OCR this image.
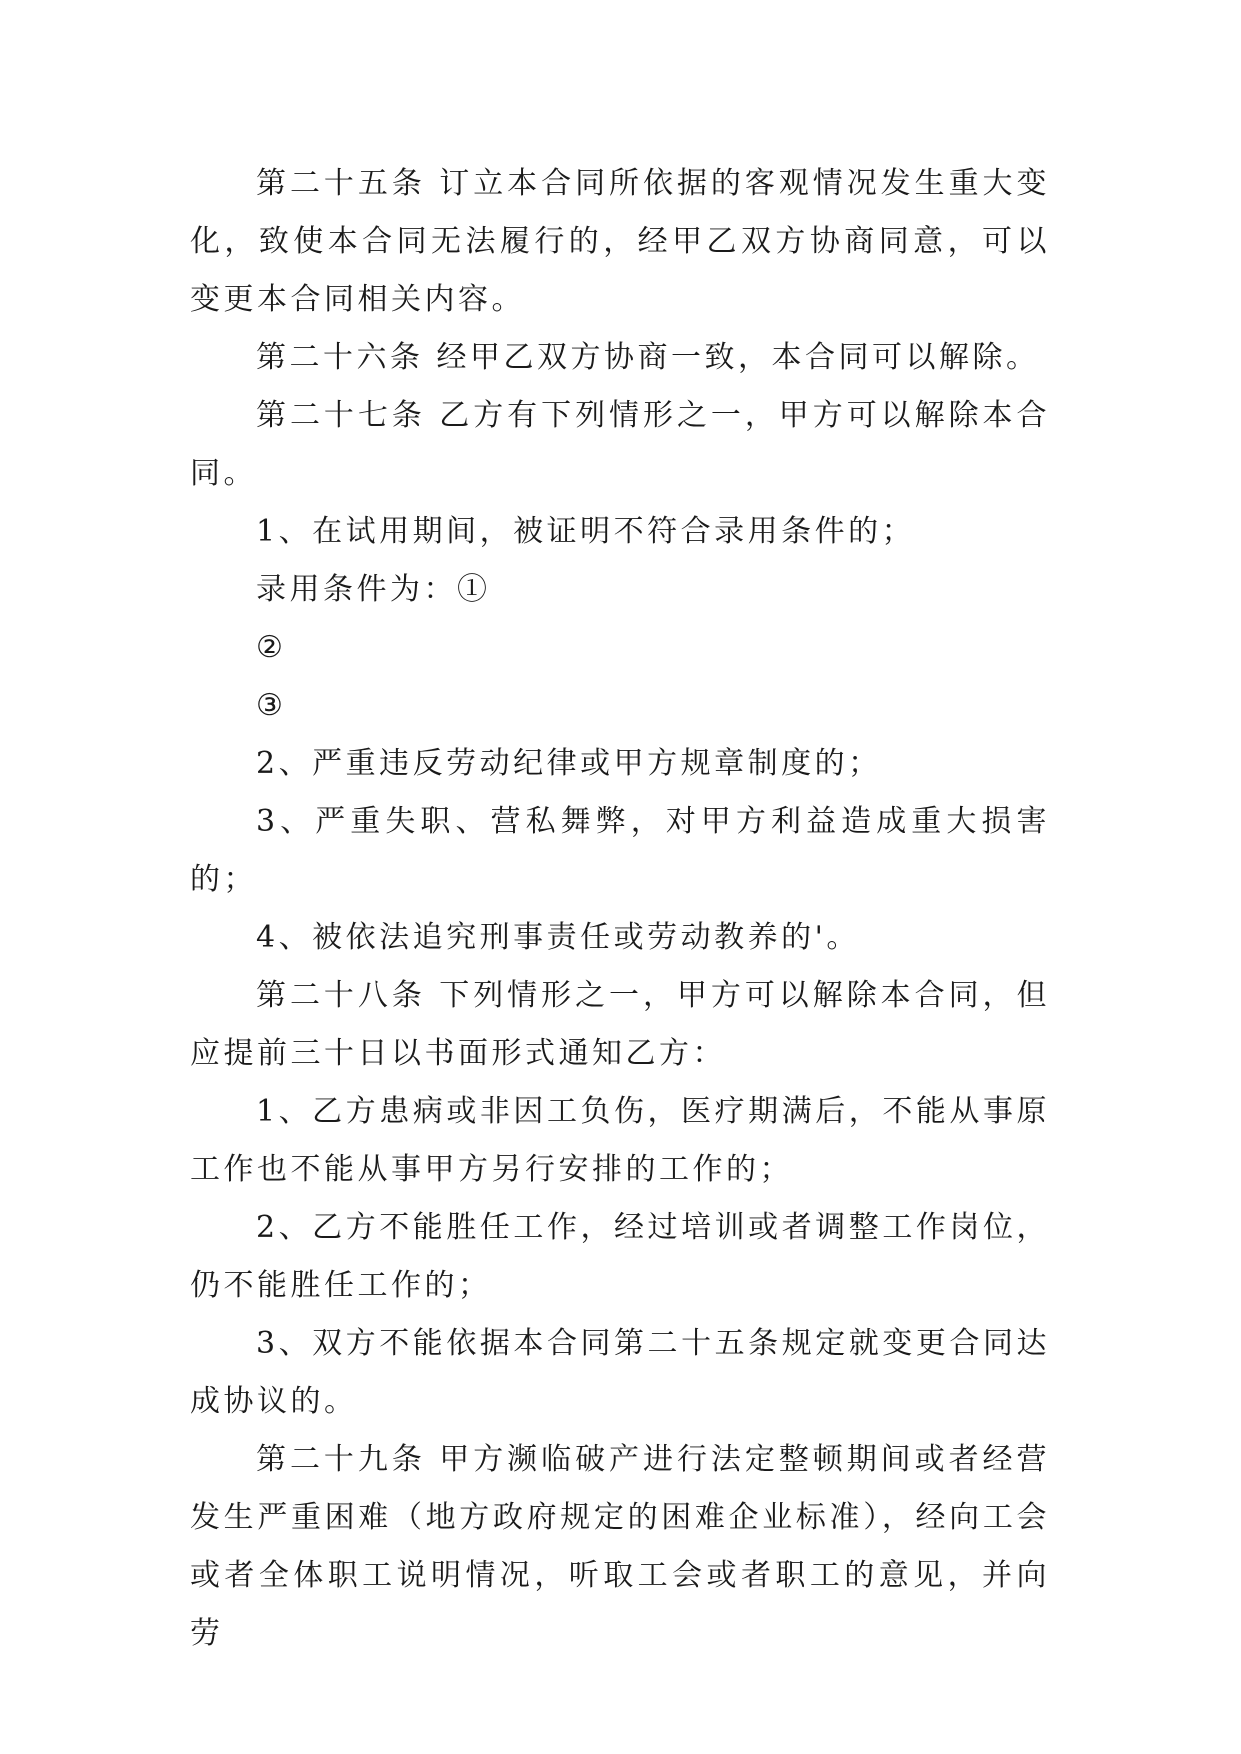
第二十五条 订立本合同所依据的客观情况发生重大变化，致使本合同无法履行的，经甲乙双方协商同意，可以变更本合同相关内容。

第二十六条 经甲乙双方协商一致，本合同可以解除。

第二十七条 乙方有下列情形之一，甲方可以解除本合同。

1、在试用期间，被证明不符合录用条件的；

录用条件为：①

②

③

2、严重违反劳动纪律或甲方规章制度的；

3、严重失职、营私舞弊，对甲方利益造成重大损害的；

4、被依法追究刑事责任或劳动教养的'。

第二十八条 下列情形之一，甲方可以解除本合同，但应提前三十日以书面形式通知乙方：

1、乙方患病或非因工负伤，医疗期满后，不能从事原工作也不能从事甲方另行安排的工作的；

2、乙方不能胜任工作，经过培训或者调整工作岗位，仍不能胜任工作的；

3、双方不能依据本合同第二十五条规定就变更合同达成协议的。

第二十九条 甲方濒临破产进行法定整顿期间或者经营发生严重困难（地方政府规定的困难企业标准），经向工会或者全体职工说明情况，听取工会或者职工的意见，并向劳
